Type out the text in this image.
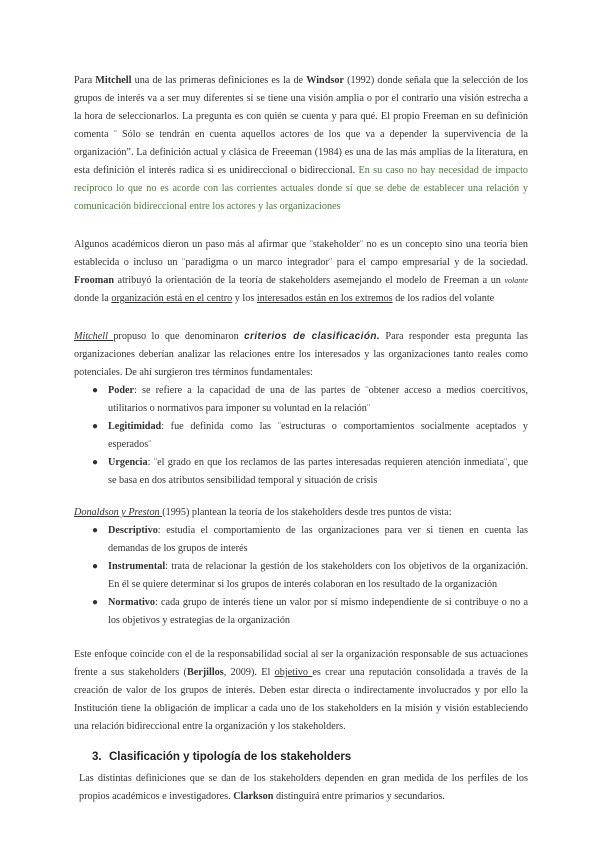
Para Mitchell una de las primeras definiciones es la de Windsor (1992) donde señala que la selección de los grupos de interés va a ser muy diferentes si se tiene una visión amplia o por el contrario una visión estrecha a la hora de seleccionarlos. La pregunta es con quién se cuenta y para qué. El propio Freeman en su definición comenta ¨ Sólo se tendrán en cuenta aquellos actores de los que va a depender la supervivencia de la organización”. La definición actual y clásica de Freeeman (1984) es una de las más amplias de la literatura, en esta definición el interés radica si es unidireccional o bidireccional. En su caso no hay necesidad de impacto recíproco lo que no es acorde con las corrientes actuales donde sí que se debe de establecer una relación y comunicación bidireccional entre los actores y las organizaciones

Algunos académicos dieron un paso más al afirmar que ¨stakeholder¨ no es un concepto sino una teoría bien establecida o incluso un ¨paradigma o un marco integrador¨ para el campo empresarial y de la sociedad. Frooman atribuyó la orientación de la teoría de stakeholders asemejando el modelo de Freeman a un volante donde la organización está en el centro y los interesados están en los extremos de los radios del volante

Mitchell propuso lo que denominaron criterios de clasificación. Para responder esta pregunta las organizaciones deberían analizar las relaciones entre los interesados y las organizaciones tanto reales como potenciales. De ahí surgieron tres términos fundamentales:

● Poder: se refiere a la capacidad de una de las partes de ¨obtener acceso a medios coercitivos, utilitarios o normativos para imponer su voluntad en la relación¨
● Legitimidad: fue definida como las ¨estructuras o comportamientos socialmente aceptados y esperados¨
● Urgencia: ¨el grado en que los reclamos de las partes interesadas requieren atención inmediata¨, que se basa en dos atributos sensibilidad temporal y situación de crisis

Donaldson y Preston (1995) plantean la teoría de los stakeholders desde tres puntos de vista:

● Descriptivo: estudia el comportamiento de las organizaciones para ver si tienen en cuenta las demandas de los grupos de interés
● Instrumental: trata de relacionar la gestión de los stakeholders con los objetivos de la organización. En él se quiere determinar si los grupos de interés colaboran en los resultado de la organización
● Normativo: cada grupo de interés tiene un valor por sí mismo independiente de si contribuye o no a los objetivos y estrategias de la organización

Este enfoque coincide con el de la responsabilidad social al ser la organización responsable de sus actuaciones frente a sus stakeholders (Berjillos, 2009). El objetivo es crear una reputación consolidada a través de la creación de valor de los grupos de interés. Deben estar directa o indirectamente involucrados y por ello la Institución tiene la obligación de implicar a cada uno de los stakeholders en la misión y visión estableciendo una relación bidireccional entre la organización y los stakeholders.

3. Clasificación y tipología de los stakeholders

Las distintas definiciones que se dan de los stakeholders dependen en gran medida de los perfiles de los propios académicos e investigadores. Clarkson distinguirá entre primarios y secundarios.
